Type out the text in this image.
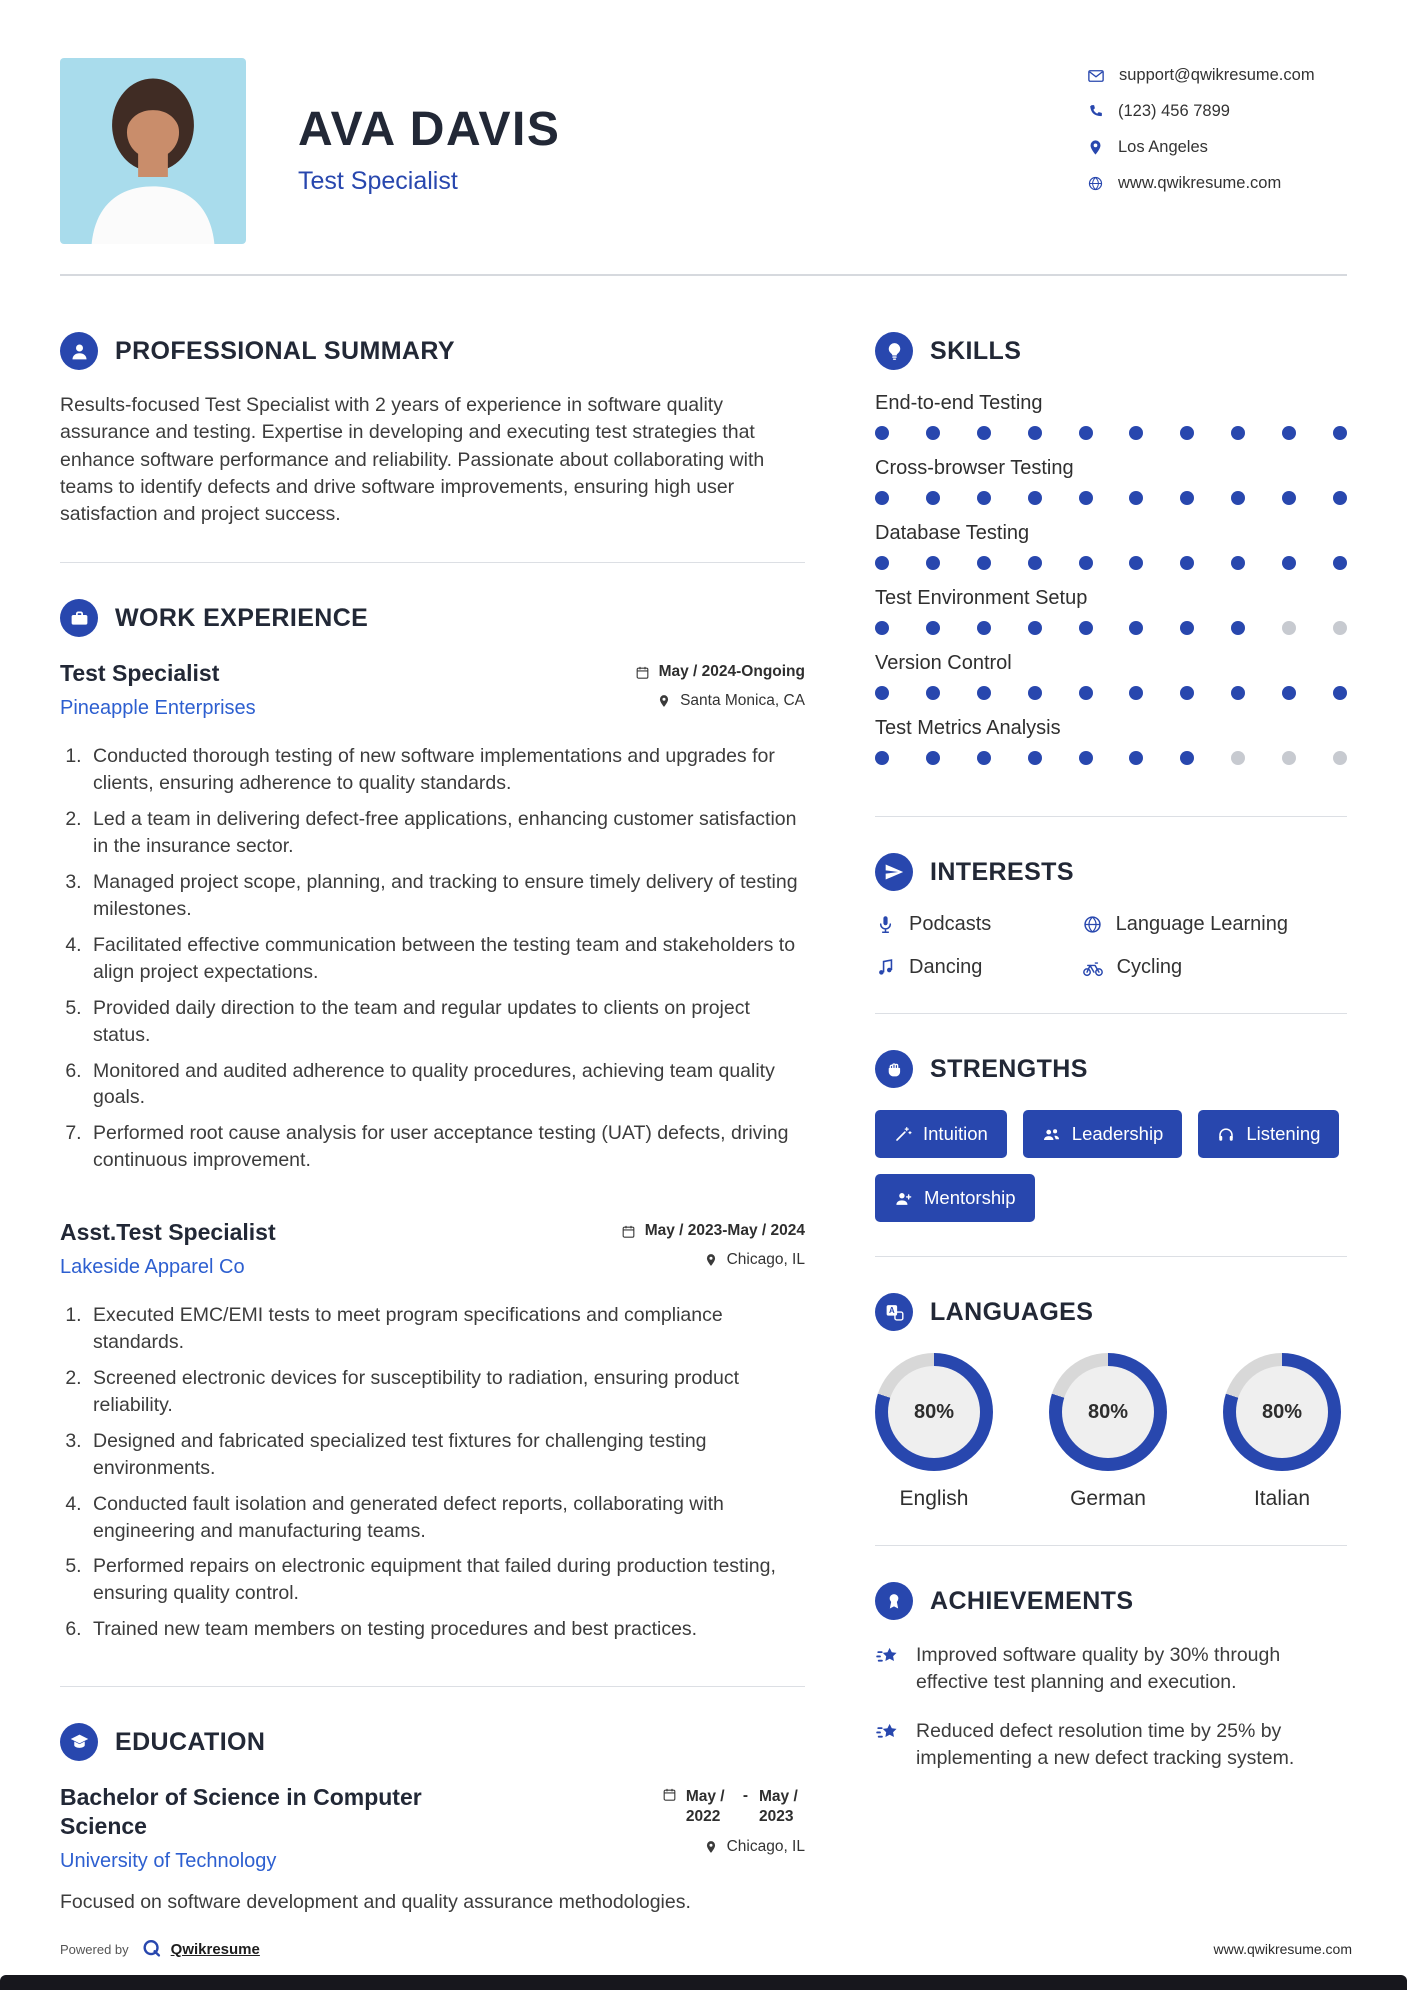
AVA DAVIS
Test Specialist
support@qwikresume.com
(123) 456 7899
Los Angeles
www.qwikresume.com
PROFESSIONAL SUMMARY

Results-focused Test Specialist with 2 years of experience in software quality assurance and testing. Expertise in developing and executing test strategies that enhance software performance and reliability. Passionate about collaborating with teams to identify defects and drive software improvements, ensuring high user satisfaction and project success.

WORK EXPERIENCE
Test Specialist
Pineapple Enterprises
May / 2024-Ongoing
Santa Monica, CA
1. Conducted thorough testing of new software implementations and upgrades for clients, ensuring adherence to quality standards.
2. Led a team in delivering defect-free applications, enhancing customer satisfaction in the insurance sector.
3. Managed project scope, planning, and tracking to ensure timely delivery of testing milestones.
4. Facilitated effective communication between the testing team and stakeholders to align project expectations.
5. Provided daily direction to the team and regular updates to clients on project status.
6. Monitored and audited adherence to quality procedures, achieving team quality goals.
7. Performed root cause analysis for user acceptance testing (UAT) defects, driving continuous improvement.
Asst.Test Specialist
Lakeside Apparel Co
May / 2023-May / 2024
Chicago, IL
1. Executed EMC/EMI tests to meet program specifications and compliance standards.
2. Screened electronic devices for susceptibility to radiation, ensuring product reliability.
3. Designed and fabricated specialized test fixtures for challenging testing environments.
4. Conducted fault isolation and generated defect reports, collaborating with engineering and manufacturing teams.
5. Performed repairs on electronic equipment that failed during production testing, ensuring quality control.
6. Trained new team members on testing procedures and best practices.
EDUCATION
Bachelor of Science in Computer Science
University of Technology
May / 2022
- May / 2023
Chicago, IL

Focused on software development and quality assurance methodologies.

SKILLS
End-to-end Testing
Cross-browser Testing
Database Testing
Test Environment Setup
Version Control
Test Metrics Analysis
INTERESTS
Podcasts	Language Learning
Dancing	Cycling
STRENGTHS
Intuition	Leadership	Listening
Mentorship
A LANGUAGES
80%
English
80%
German
80%
Italian
ACHIEVEMENTS

Improved software quality by 30% through effective test planning and execution.

Reduced defect resolution time by 25% by implementing a new defect tracking system.

Powered by	Qwikresume	www.qwikresume.com
